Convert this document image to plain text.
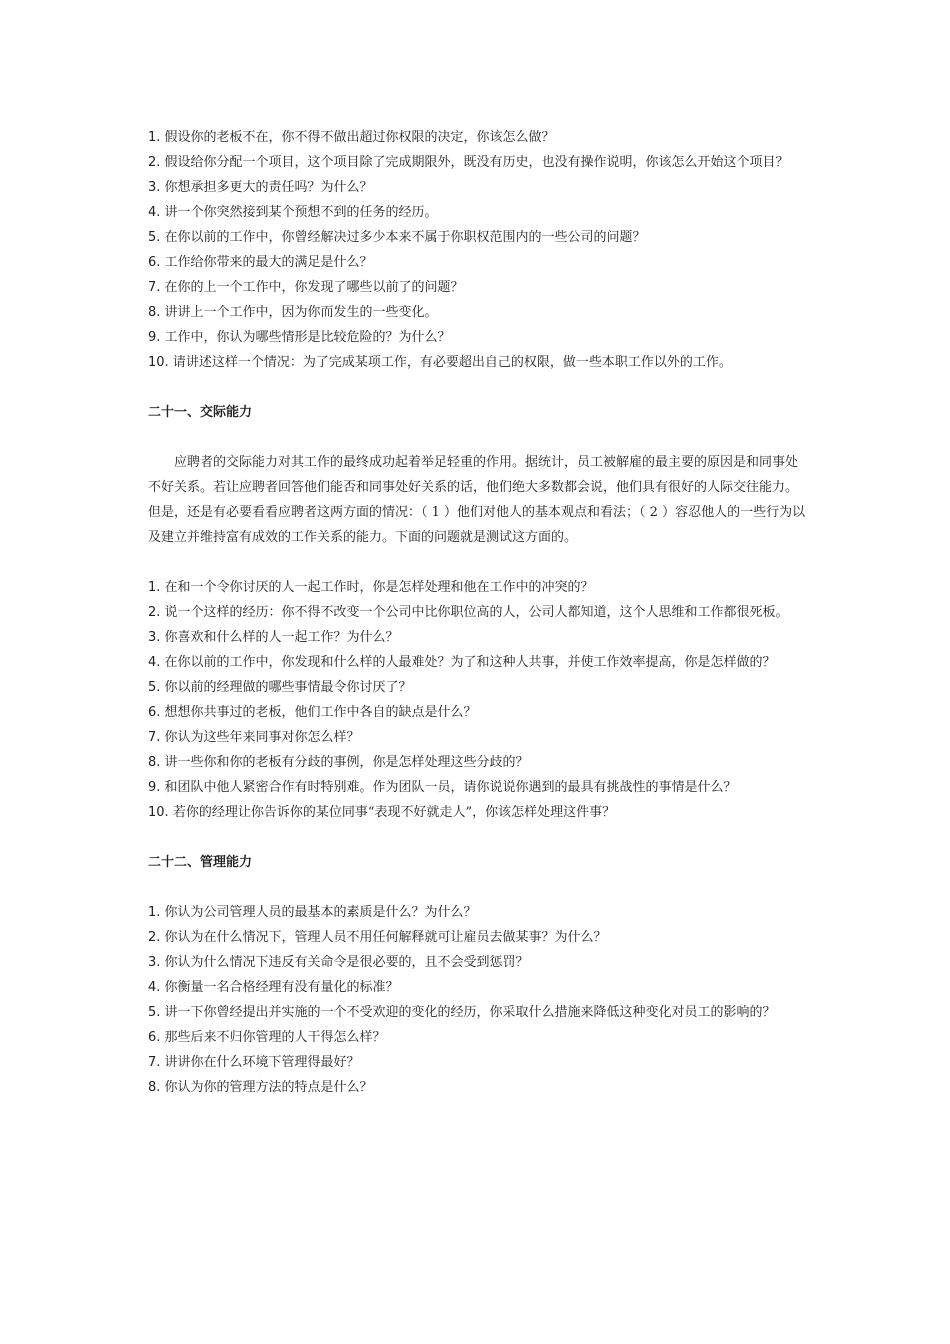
1. 假设你的老板不在，你不得不做出超过你权限的决定，你该怎么做？

2. 假设给你分配一个项目，这个项目除了完成期限外，既没有历史，也没有操作说明，你该怎么开始这个项目？

3. 你想承担多更大的责任吗？为什么？

4. 讲一个你突然接到某个预想不到的任务的经历。

5. 在你以前的工作中，你曾经解决过多少本来不属于你职权范围内的一些公司的问题？

6. 工作给你带来的最大的满足是什么？

7. 在你的上一个工作中，你发现了哪些以前了的问题？

8. 讲讲上一个工作中，因为你而发生的一些变化。

9. 工作中，你认为哪些情形是比较危险的？为什么？

10. 请讲述这样一个情况：为了完成某项工作，有必要超出自己的权限，做一些本职工作以外的工作。

二十一、交际能力

应聘者的交际能力对其工作的最终成功起着举足轻重的作用。据统计，员工被解雇的最主要的原因是和同事处不好关系。若让应聘者回答他们能否和同事处好关系的话，他们绝大多数都会说，他们具有很好的人际交往能力。但是，还是有必要看看应聘者这两方面的情况：（ 1 ）他们对他人的基本观点和看法；（ 2 ）容忍他人的一些行为以及建立并维持富有成效的工作关系的能力。下面的问题就是测试这方面的。

1. 在和一个令你讨厌的人一起工作时，你是怎样处理和他在工作中的冲突的？

2. 说一个这样的经历：你不得不改变一个公司中比你职位高的人，公司人都知道，这个人思维和工作都很死板。

3. 你喜欢和什么样的人一起工作？为什么？

4. 在你以前的工作中，你发现和什么样的人最难处？为了和这种人共事，并使工作效率提高，你是怎样做的？

5. 你以前的经理做的哪些事情最令你讨厌了？

6. 想想你共事过的老板，他们工作中各自的缺点是什么？

7. 你认为这些年来同事对你怎么样？

8. 讲一些你和你的老板有分歧的事例，你是怎样处理这些分歧的？

9. 和团队中他人紧密合作有时特别难。作为团队一员，请你说说你遇到的最具有挑战性的事情是什么？

10. 若你的经理让你告诉你的某位同事“表现不好就走人”，你该怎样处理这件事？

二十二、管理能力

1. 你认为公司管理人员的最基本的素质是什么？为什么？

2. 你认为在什么情况下，管理人员不用任何解释就可让雇员去做某事？为什么？

3. 你认为什么情况下违反有关命令是很必要的，且不会受到惩罚？

4. 你衡量一名合格经理有没有量化的标准？

5. 讲一下你曾经提出并实施的一个不受欢迎的变化的经历，你采取什么措施来降低这种变化对员工的影响的？

6. 那些后来不归你管理的人干得怎么样？

7. 讲讲你在什么环境下管理得最好？

8. 你认为你的管理方法的特点是什么？
